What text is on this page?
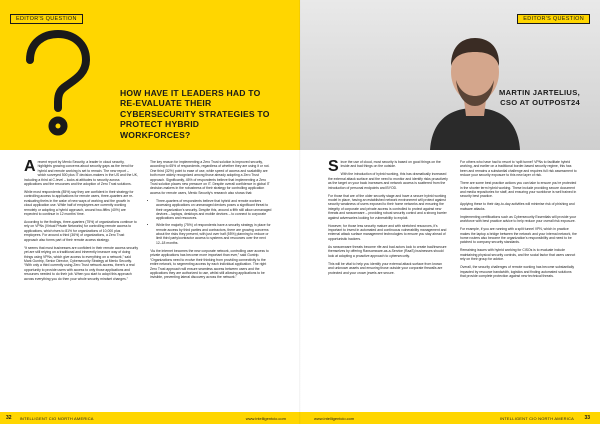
HOW HAVE IT LEADERS HAD TO RE-EVALUATE THEIR CYBERSECURITY STRATEGIES TO PROTECT HYBRID WORKFORCES?
EDITOR'S QUESTION

Arecent report by Menlo Security, a leader in cloud security, highlights growing concerns about security gaps as the trend for hybrid and remote working is set to remain. The new report – which surveyed 500 plus IT decision-makers in the US and the UK, including a third at C-level – looks at attitudes to security across applications and the resources and the adoption of Zero Trust solutions.

While most respondents (85%) say they are confident in their strategy for controlling access to applications for remote users, three-quarters are re-evaluating theirs in the wake of new ways of working and the growth in cloud application use. While half of employees are currently working remotely or adopting a hybrid approach, around two-fifths (40%) are expected to continue in 12 months’ time.

According to the findings, three-quarters (75%) of organizations continue to rely on VPNs (Virtual Private Networks) for controlling remote access to applications, which rises to 81% for organizations of 10,000 plus employees. For around a third (36%) of organizations, a Zero Trust approach also forms part of their remote access strategy.

“It seems that most businesses are confident in their remote access security yet are still relying on a traditional and inherently insecure way of doing things using VPNs, which give access to everything on a network,” said Mark Guntrip, Senior Director, Cybersecurity Strategy at Menlo Security. “With only a third currently using Zero Trust network access, there’s a real opportunity to provide users with access to only those applications and resources needed to do their job. When you start to adopt this approach across everything you do then your whole security mindset changes.”

The key reason for implementing a Zero Trust solution is improved security, according to 65% of respondents, regardless of whether they are using it or not. One third (32%) point to ease of use, while speed of access and scalability are both more widely recognized among those already adopting a Zero Trust approach. Significantly, 45% of respondents believe that implementing a Zero Trust solution places new pressure on IT. Despite overall confidence in global IT decision-makers in the robustness of their strategy for controlling application access for remote users, Menlo Security’s research also shows that:

• Three-quarters of respondents believe that hybrid and remote workers accessing applications on unmanaged devices poses a significant threat to their organization’s security. Despite this, around a fifth still allow unmanaged devices – laptops, desktops and mobile devices – to connect to corporate applications and resources.
• While the majority (75%) of respondents have a security strategy in place for remote access by third parties and contractors, there are growing concerns about the risks they present, with just over half (55%) planning to reduce or limit third party/contractor access to systems and resources over the next 12–18 months.

“As the internet becomes the new corporate network, controlling user access to private applications has become more important than ever,” said Guntrip. “Organizations need to evolve their thinking from providing connectivity to the entire network, to segmenting access by each individual application. The right Zero Trust approach will ensure seamless access between users and the applications they are authorized to use, whilst still allowing applications to be invisible, preventing lateral discovery across the network.”

32	INTELLIGENT CIO NORTH AMERICA	www.intelligentcio.com
MARTIN JARTELIUS,
CSO AT OUTPOST24
EDITOR'S QUESTION

Since the use of cloud, most security is based on good things on the inside and bad things on the outside.

With the introduction of hybrid working, this has dramatically increased the external attack surface and the need to monitor and identify risks proactively as the target on your back increases and network access is scattered from the introduction of personal endpoints and BYOD.

For those that are of the older security stage and have a secure hybrid working model in place, having an established network environment will protect against security weakness of users exposed to their home networks and ensuring the integrity of corporate and private access is controlled to protect against new threats and ransomware – providing robust security control and a strong barrier against adversaries looking for vulnerability to exploit.

However, for those less security mature and with stretched resources, it’s important to invest in automated and continuous vulnerability management and external attack surface management technologies to ensure you stay ahead of opportunistic hackers.

As ransomware threats become rife and bad actors look to create bad/insecure themselves by offering Ransomware-as-a-Service (RaaS) businesses should look at adopting a proactive approach to cybersecurity.

This will be vital to help you identify your external attack surface from known and unknown assets and ensuring those outside your corporate firewalls are protected and your crown jewels are secure.

For others who have had to resort to ‘split tunnel’ VPNs to facilitate hybrid working, and earlier on a traditional border-based security regime, this has been and remains a substantial challenge and requires full risk assessment to reduce your security exposure to this new layer of risk.

There are some best practice actions you can take to ensure you’re protected in the shorter term hybrid working. These include providing secure document and media repositories for staff, and ensuring your workforce is well trained in security best practice.

Applying these to their day-to-day activities will minimise risk of phishing and malware attacks.

Implementing certifications such as Cybersecurity Essentials will provide your workforce with best practice advice to help reduce your overall risk exposure.

For example, if you are running with a split tunnel VPN, which in practice makes the laptop a bridge between the network and your internal network, the home routers also become the organization’s responsibility and need to be patched to company security standards.

Remaining issues with hybrid working for CISOs is to evaluate include maintaining physical security controls, and the social factor that users cannot rely on their group for advice.

Overall, the security challenges of remote working has become substantially impacted by resource bandwidth, logistics and finding automated solutions that provide complete protection against new technical threats.

www.intelligentcio.com	INTELLIGENT CIO NORTH AMERICA	33
